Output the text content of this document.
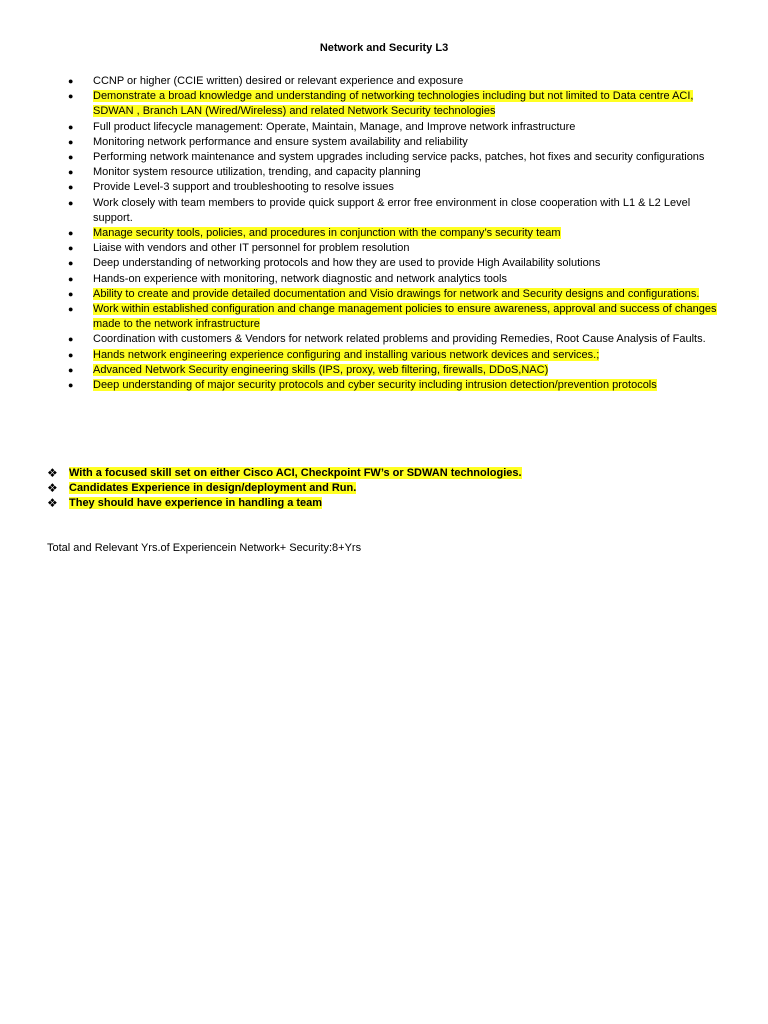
Network and Security L3
●	CCNP or higher (CCIE written) desired or relevant experience and exposure
●	Demonstrate a broad knowledge and understanding of networking technologies including but not limited to Data centre ACI, SDWAN , Branch LAN (Wired/Wireless) and related Network Security technologies
●	Full product lifecycle management: Operate, Maintain, Manage, and Improve network infrastructure
●	Monitoring network performance and ensure system availability and reliability
●	Performing network maintenance and system upgrades including service packs, patches, hot fixes and security configurations
●	Monitor system resource utilization, trending, and capacity planning
●	Provide Level-3 support and troubleshooting to resolve issues
●	Work closely with team members to provide quick support & error free environment in close cooperation with L1 & L2 Level support.
●	Manage security tools, policies, and procedures in conjunction with the company’s security team
●	Liaise with vendors and other IT personnel for problem resolution
●	Deep understanding of networking protocols and how they are used to provide High Availability solutions
●	Hands-on experience with monitoring, network diagnostic and network analytics tools
●	Ability to create and provide detailed documentation and Visio drawings for network and Security designs and configurations.
●	Work within established configuration and change management policies to ensure awareness, approval and success of changes made to the network infrastructure
●	Coordination with customers & Vendors for network related problems and providing Remedies, Root Cause Analysis of Faults.
●	Hands network engineering experience configuring and installing various network devices and services.;
●	Advanced Network Security engineering skills (IPS, proxy, web filtering, firewalls, DDoS,NAC)
●	Deep understanding of major security protocols and cyber security including intrusion detection/prevention protocols
❖ With a focused skill set on either Cisco ACI, Checkpoint FW’s or SDWAN technologies.
❖ Candidates Experience in design/deployment and Run.
❖ They should have experience in handling a team
Total and Relevant Yrs.of Experiencein Network+ Security:8+Yrs
